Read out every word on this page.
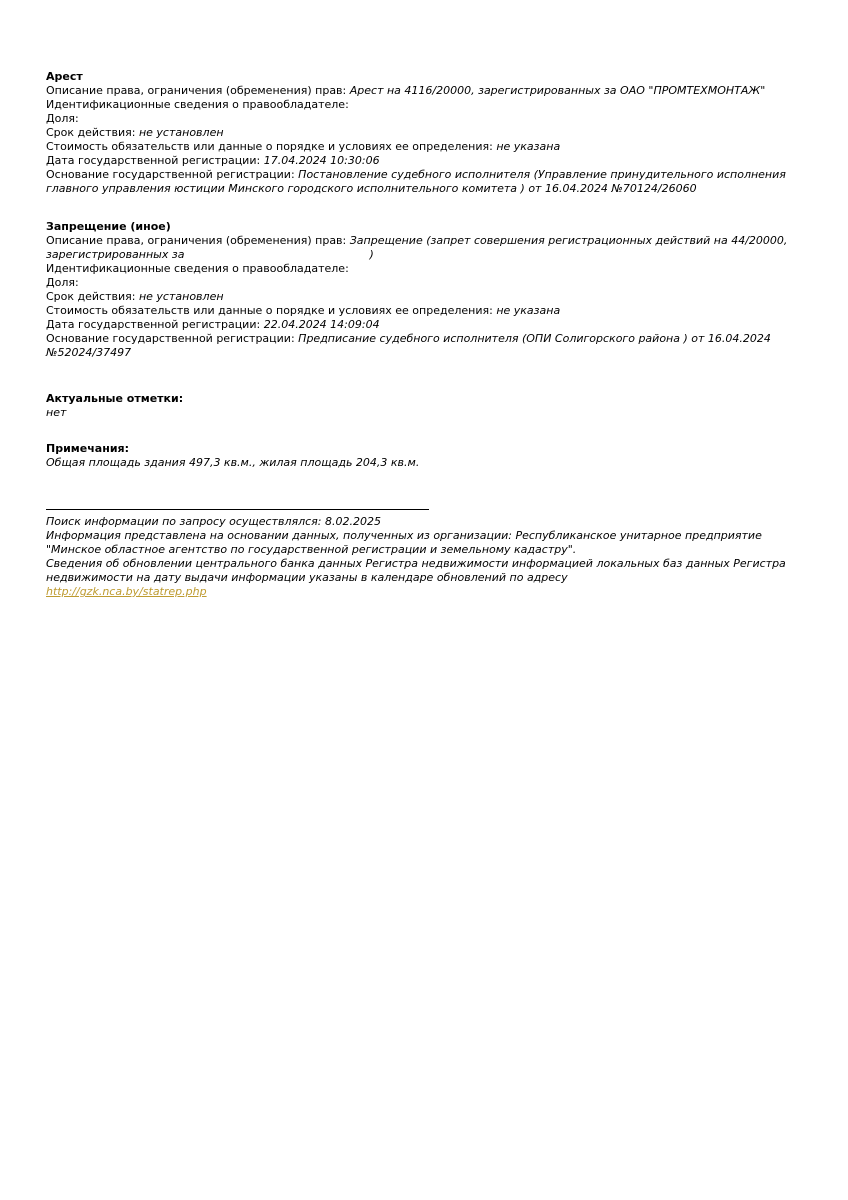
Арест

Описание права, ограничения (обременения) прав: Арест на 4116/20000, зарегистрированных за ОАО "ПРОМТЕХМОНТАЖ"

Идентификационные сведения о правообладателе:

Доля:

Срок действия: не установлен

Стоимость обязательств или данные о порядке и условиях ее определения: не указана

Дата государственной регистрации: 17.04.2024 10:30:06

Основание государственной регистрации: Постановление судебного исполнителя (Управление принудительного исполнения главного управления юстиции Минского городского исполнительного комитета ) от 16.04.2024 №70124/26060

Запрещение (иное)

Описание права, ограничения (обременения) прав: Запрещение (запрет совершения регистрационных действий на 44/20000, зарегистрированных за	)

Идентификационные сведения о правообладателе:

Доля:

Срок действия: не установлен

Стоимость обязательств или данные о порядке и условиях ее определения: не указана

Дата государственной регистрации: 22.04.2024 14:09:04

Основание государственной регистрации: Предписание судебного исполнителя (ОПИ Солигорского района ) от 16.04.2024 №52024/37497

Актуальные отметки:

нет

Примечания:

Общая площадь здания 497,3 кв.м., жилая площадь 204,3 кв.м.

Поиск информации по запросу осуществлялся: 8.02.2025

Информация представлена на основании данных, полученных из организации: Республиканское унитарное предприятие "Минское областное агентство по государственной регистрации и земельному кадастру".

Сведения об обновлении центрального банка данных Регистра недвижимости информацией локальных баз данных Регистра недвижимости на дату выдачи информации указаны в календаре обновлений по адресу

http://gzk.nca.by/statrep.php
